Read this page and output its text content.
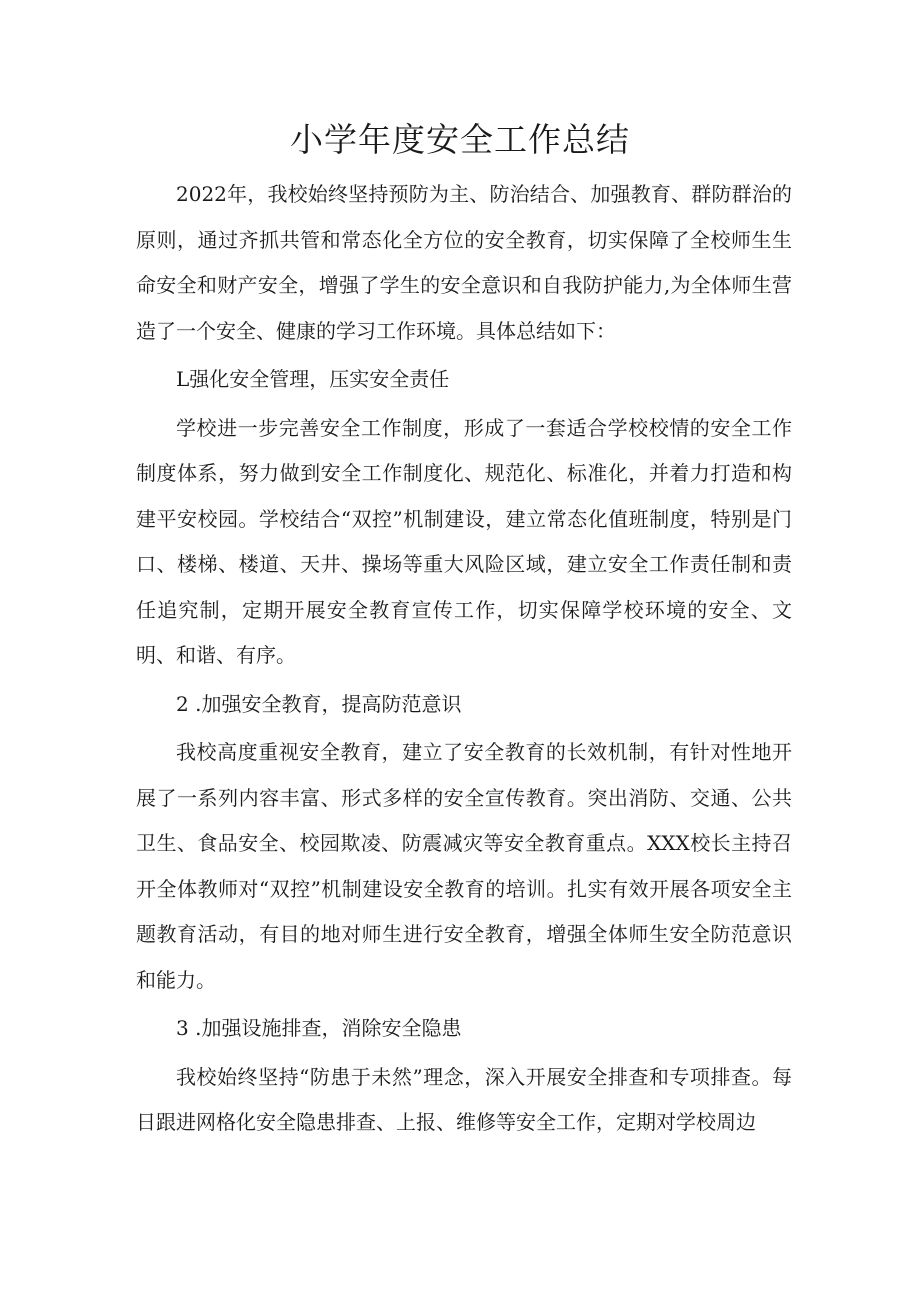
小学年度安全工作总结

2022年，我校始终坚持预防为主、防治结合、加强教育、群防群治的原则，通过齐抓共管和常态化全方位的安全教育，切实保障了全校师生生命安全和财产安全，增强了学生的安全意识和自我防护能力,为全体师生营造了一个安全、健康的学习工作环境。具体总结如下：

L强化安全管理，压实安全责任

学校进一步完善安全工作制度，形成了一套适合学校校情的安全工作制度体系，努力做到安全工作制度化、规范化、标准化，并着力打造和构建平安校园。学校结合“双控”机制建设，建立常态化值班制度，特别是门口、楼梯、楼道、天井、操场等重大风险区域，建立安全工作责任制和责任追究制，定期开展安全教育宣传工作，切实保障学校环境的安全、文明、和谐、有序。

2 .加强安全教育，提高防范意识

我校高度重视安全教育，建立了安全教育的长效机制，有针对性地开展了一系列内容丰富、形式多样的安全宣传教育。突出消防、交通、公共卫生、食品安全、校园欺凌、防震减灾等安全教育重点。XXX校长主持召开全体教师对“双控”机制建设安全教育的培训。扎实有效开展各项安全主题教育活动，有目的地对师生进行安全教育，增强全体师生安全防范意识和能力。

3 .加强设施排查，消除安全隐患

我校始终坚持“防患于未然”理念，深入开展安全排查和专项排查。每日跟进网格化安全隐患排查、上报、维修等安全工作，定期对学校周边
